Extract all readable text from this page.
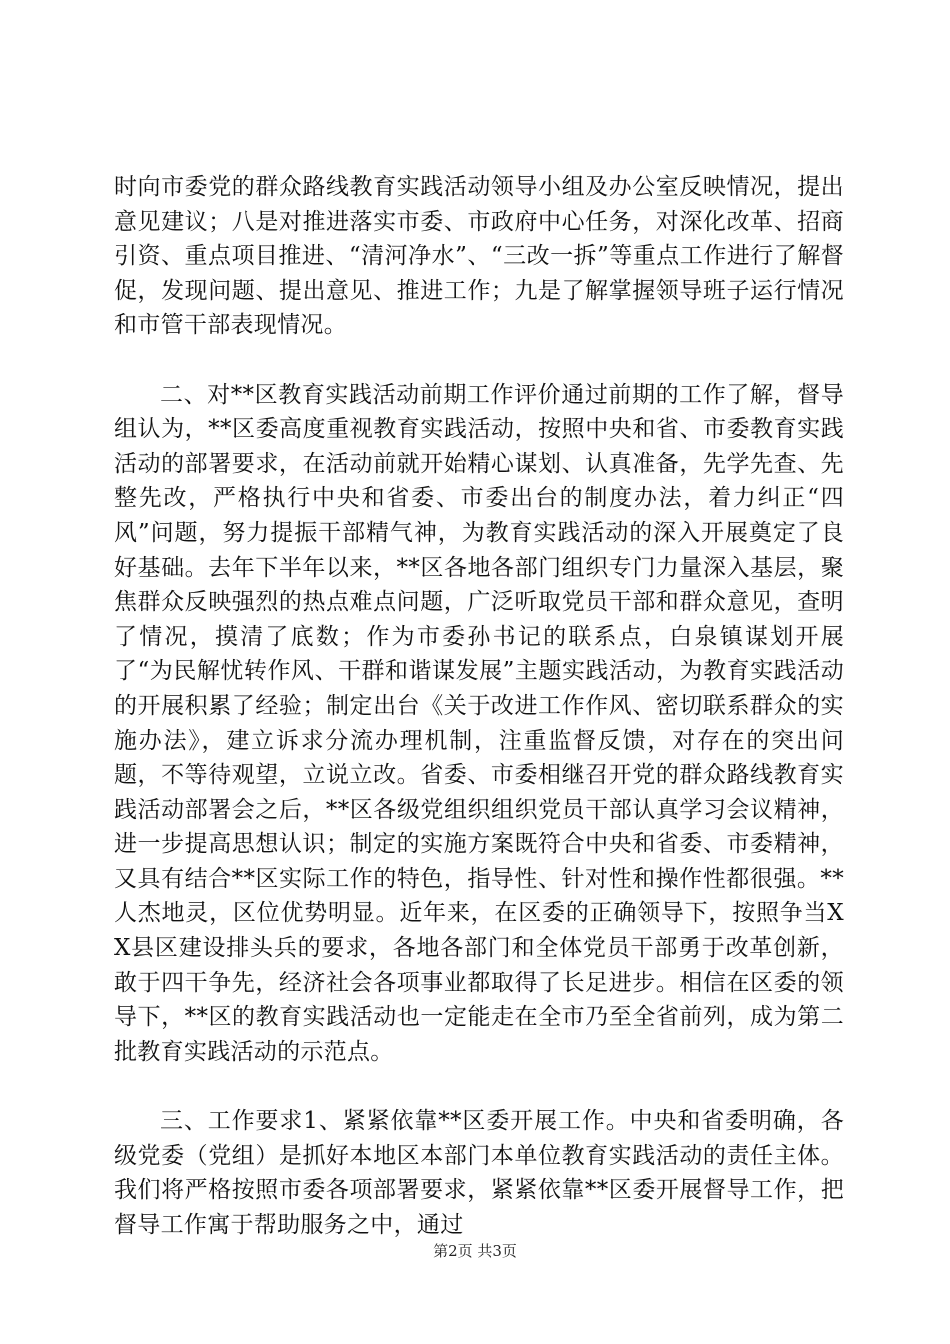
时向市委党的群众路线教育实践活动领导小组及办公室反映情况，提出意见建议；八是对推进落实市委、市政府中心任务，对深化改革、招商引资、重点项目推进、“清河净水”、“三改一拆”等重点工作进行了解督促，发现问题、提出意见、推进工作；九是了解掌握领导班子运行情况和市管干部表现情况。

二、对**区教育实践活动前期工作评价通过前期的工作了解，督导组认为，**区委高度重视教育实践活动，按照中央和省、市委教育实践活动的部署要求，在活动前就开始精心谋划、认真准备，先学先查、先整先改，严格执行中央和省委、市委出台的制度办法，着力纠正“四风”问题，努力提振干部精气神，为教育实践活动的深入开展奠定了良好基础。去年下半年以来，**区各地各部门组织专门力量深入基层，聚焦群众反映强烈的热点难点问题，广泛听取党员干部和群众意见，查明了情况，摸清了底数；作为市委孙书记的联系点，白泉镇谋划开展了“为民解忧转作风、干群和谐谋发展”主题实践活动，为教育实践活动的开展积累了经验；制定出台《关于改进工作作风、密切联系群众的实施办法》，建立诉求分流办理机制，注重监督反馈，对存在的突出问题，不等待观望，立说立改。省委、市委相继召开党的群众路线教育实践活动部署会之后，**区各级党组织组织党员干部认真学习会议精神，进一步提高思想认识；制定的实施方案既符合中央和省委、市委精神，又具有结合**区实际工作的特色，指导性、针对性和操作性都很强。**人杰地灵，区位优势明显。近年来，在区委的正确领导下，按照争当XX县区建设排头兵的要求，各地各部门和全体党员干部勇于改革创新，敢于四干争先，经济社会各项事业都取得了长足进步。相信在区委的领导下，**区的教育实践活动也一定能走在全市乃至全省前列，成为第二批教育实践活动的示范点。

三、工作要求1、紧紧依靠**区委开展工作。中央和省委明确，各级党委（党组）是抓好本地区本部门本单位教育实践活动的责任主体。我们将严格按照市委各项部署要求，紧紧依靠**区委开展督导工作，把督导工作寓于帮助服务之中，通过

第2页 共3页
